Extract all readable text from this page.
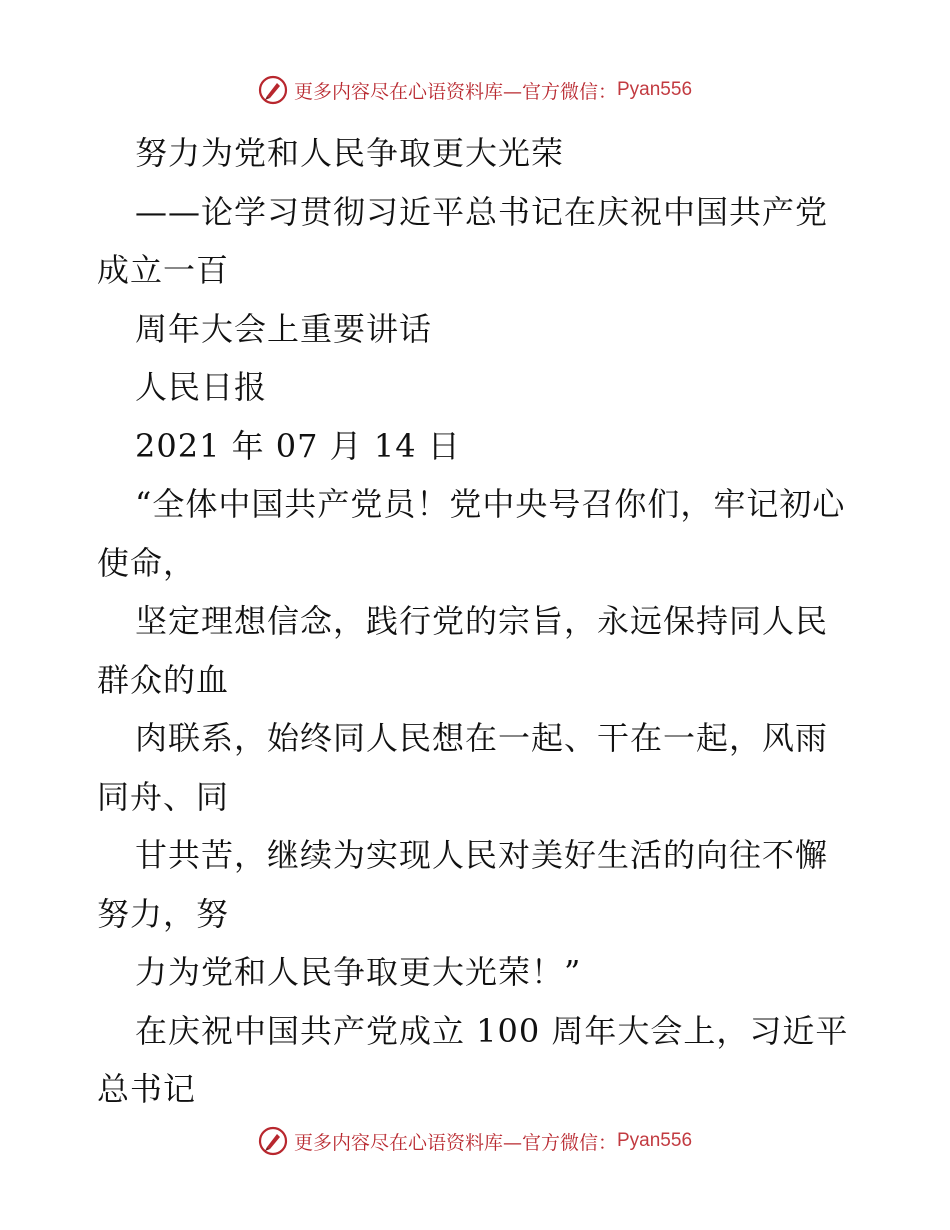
更多内容尽在心语资料库—官方微信： Pyan556

努力为党和人民争取更大光荣

——论学习贯彻习近平总书记在庆祝中国共产党成立一百

周年大会上重要讲话

人民日报

2021 年 07 月 14 日

“全体中国共产党员！党中央号召你们，牢记初心使命，

坚定理想信念，践行党的宗旨，永远保持同人民群众的血

肉联系，始终同人民想在一起、干在一起，风雨同舟、同

甘共苦，继续为实现人民对美好生活的向往不懈努力，努

力为党和人民争取更大光荣！”

在庆祝中国共产党成立 100 周年大会上，习近平总书记

更多内容尽在心语资料库—官方微信： Pyan556
